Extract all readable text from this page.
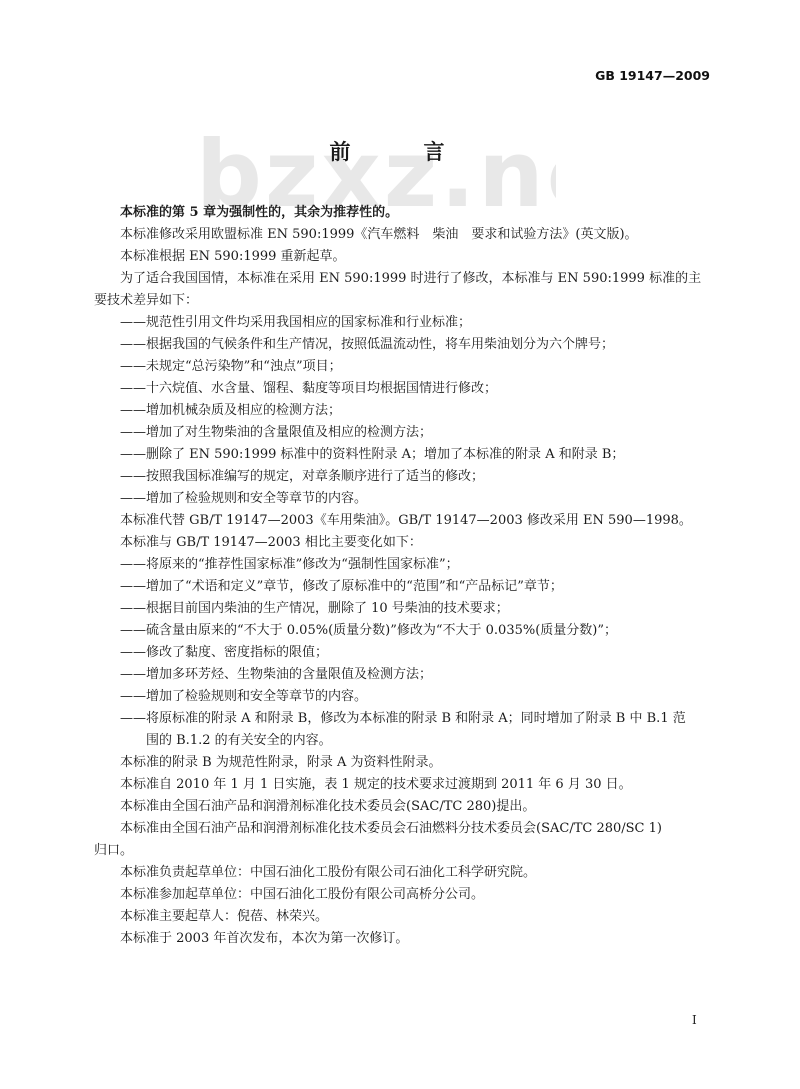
GB 19147—2009
bzxz.n
前　言
本标准的第 5 章为强制性的，其余为推荐性的。
本标准修改采用欧盟标准 EN 590:1999《汽车燃料　柴油　要求和试验方法》(英文版)。
本标准根据 EN 590:1999 重新起草。
为了适合我国国情，本标准在采用 EN 590:1999 时进行了修改，本标准与 EN 590:1999 标准的主
要技术差异如下：
——规范性引用文件均采用我国相应的国家标准和行业标准；
——根据我国的气候条件和生产情况，按照低温流动性，将车用柴油划分为六个牌号；
——未规定“总污染物”和“浊点”项目；
——十六烷值、水含量、馏程、黏度等项目均根据国情进行修改；
——增加机械杂质及相应的检测方法；
——增加了对生物柴油的含量限值及相应的检测方法；
——删除了 EN 590:1999 标准中的资料性附录 A；增加了本标准的附录 A 和附录 B；
——按照我国标准编写的规定，对章条顺序进行了适当的修改；
——增加了检验规则和安全等章节的内容。
本标准代替 GB/T 19147—2003《车用柴油》。GB/T 19147—2003 修改采用 EN 590—1998。
本标准与 GB/T 19147—2003 相比主要变化如下：
——将原来的“推荐性国家标准”修改为“强制性国家标准”；
——增加了“术语和定义”章节，修改了原标准中的“范围”和“产品标记”章节；
——根据目前国内柴油的生产情况，删除了 10 号柴油的技术要求；
——硫含量由原来的“不大于 0.05%(质量分数)”修改为“不大于 0.035%(质量分数)”；
——修改了黏度、密度指标的限值；
——增加多环芳烃、生物柴油的含量限值及检测方法；
——增加了检验规则和安全等章节的内容。
——将原标准的附录 A 和附录 B，修改为本标准的附录 B 和附录 A；同时增加了附录 B 中 B.1 范
围的 B.1.2 的有关安全的内容。
本标准的附录 B 为规范性附录，附录 A 为资料性附录。
本标准自 2010 年 1 月 1 日实施，表 1 规定的技术要求过渡期到 2011 年 6 月 30 日。
本标准由全国石油产品和润滑剂标准化技术委员会(SAC/TC 280)提出。
本标准由全国石油产品和润滑剂标准化技术委员会石油燃料分技术委员会(SAC/TC 280/SC 1)
归口。
本标准负责起草单位：中国石油化工股份有限公司石油化工科学研究院。
本标准参加起草单位：中国石油化工股份有限公司高桥分公司。
本标准主要起草人：倪蓓、林荣兴。
本标准于 2003 年首次发布，本次为第一次修订。
I
